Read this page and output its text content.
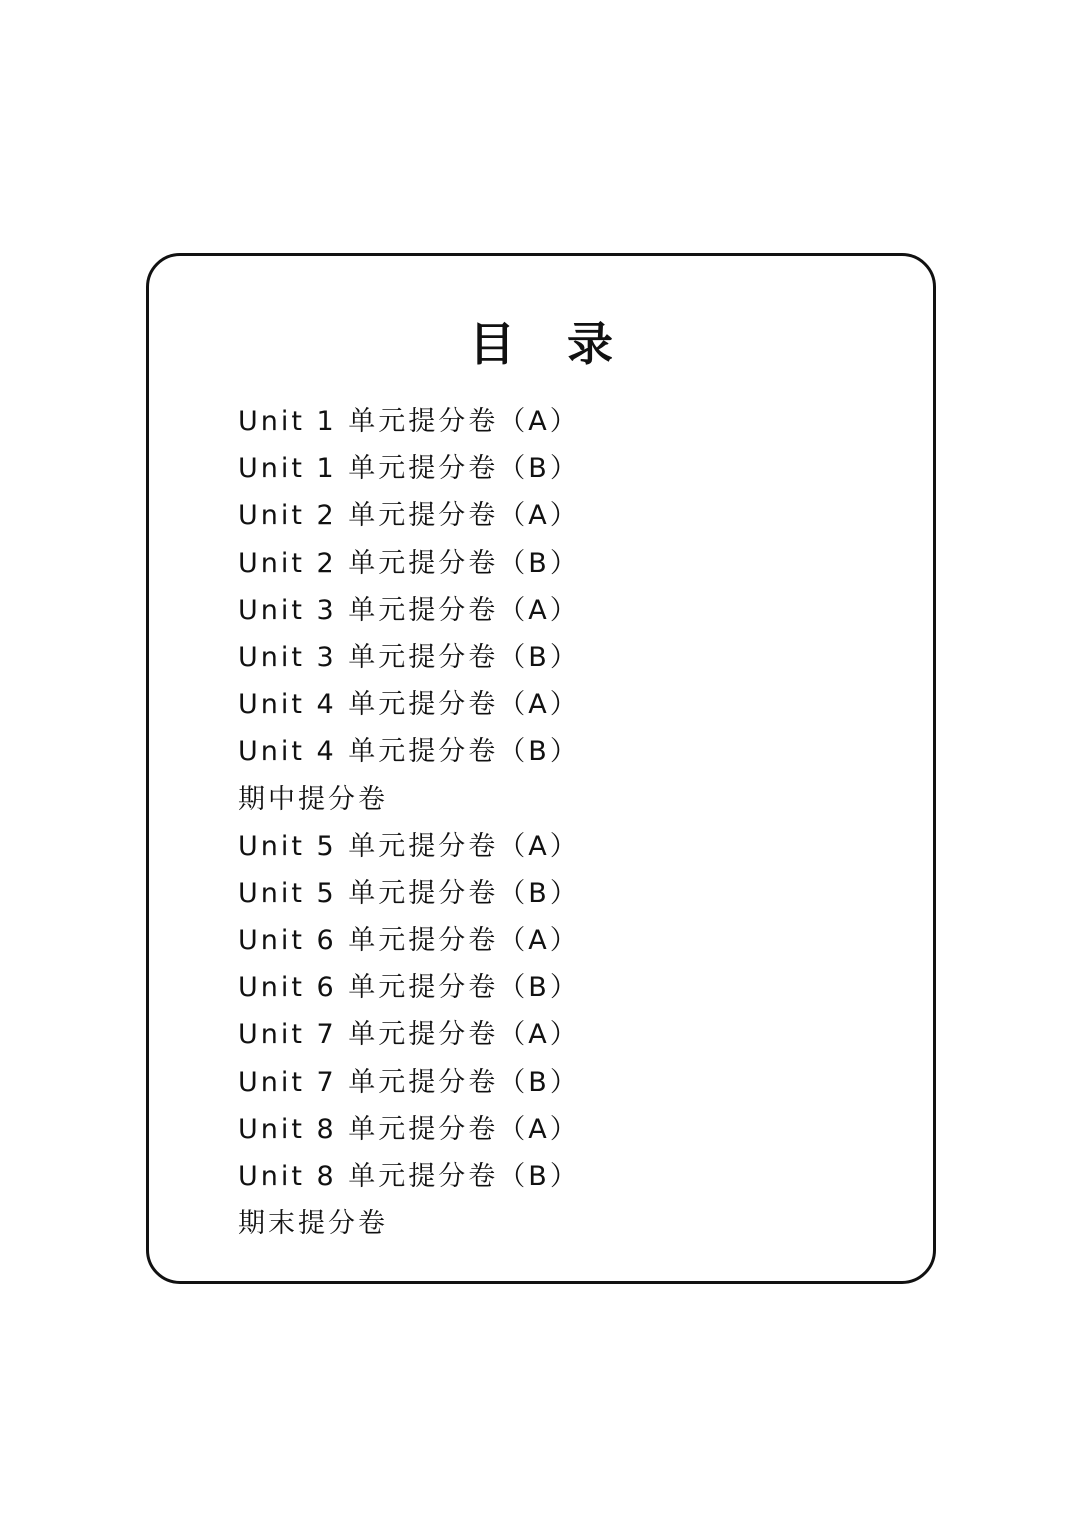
目 录
Unit 1 单元提分卷（A）
Unit 1 单元提分卷（B）
Unit 2 单元提分卷（A）
Unit 2 单元提分卷（B）
Unit 3 单元提分卷（A）
Unit 3 单元提分卷（B）
Unit 4 单元提分卷（A）
Unit 4 单元提分卷（B）
期中提分卷
Unit 5 单元提分卷（A）
Unit 5 单元提分卷（B）
Unit 6 单元提分卷（A）
Unit 6 单元提分卷（B）
Unit 7 单元提分卷（A）
Unit 7 单元提分卷（B）
Unit 8 单元提分卷（A）
Unit 8 单元提分卷（B）
期末提分卷
